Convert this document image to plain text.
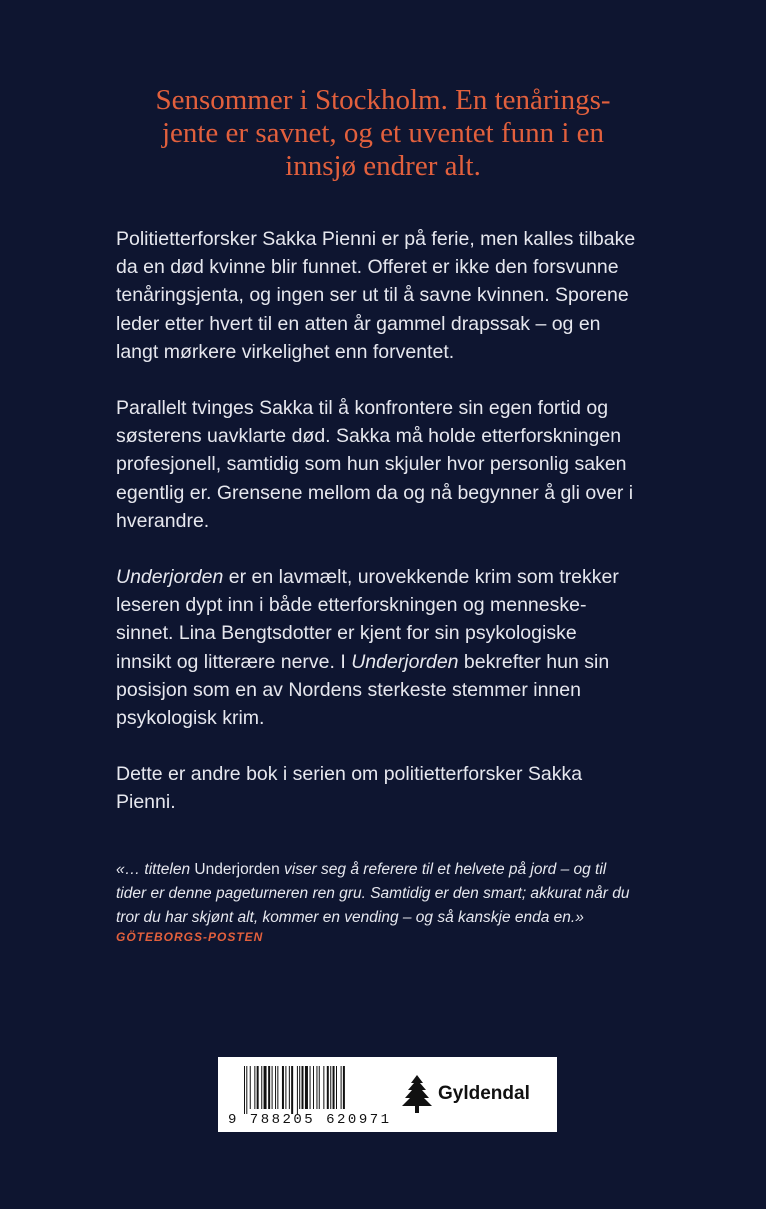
Sensommer i Stockholm. En tenårings-
jente er savnet, og et uventet funn i en
innsjø endrer alt.

Politietterforsker Sakka Pienni er på ferie, men kalles tilbake
da en død kvinne blir funnet. Offeret er ikke den forsvunne
tenåringsjenta, og ingen ser ut til å savne kvinnen. Sporene
leder etter hvert til en atten år gammel drapssak – og en
langt mørkere virkelighet enn forventet.

Parallelt tvinges Sakka til å konfrontere sin egen fortid og
søsterens uavklarte død. Sakka må holde etterforskningen
profesjonell, samtidig som hun skjuler hvor personlig saken
egentlig er. Grensene mellom da og nå begynner å gli over i
hverandre.

Underjorden er en lavmælt, urovekkende krim som trekker
leseren dypt inn i både etterforskningen og menneske-
sinnet. Lina Bengtsdotter er kjent for sin psykologiske
innsikt og litterære nerve. I Underjorden bekrefter hun sin
posisjon som en av Nordens sterkeste stemmer innen
psykologisk krim.

Dette er andre bok i serien om politietterforsker Sakka
Pienni.

«… tittelen Underjorden viser seg å referere til et helvete på jord – og til
tider er denne pageturneren ren gru. Samtidig er den smart; akkurat når du
tror du har skjønt alt, kommer en vending – og så kanskje enda en.»
GÖTEBORGS-POSTEN
9 788205 620971
Gyldendal
